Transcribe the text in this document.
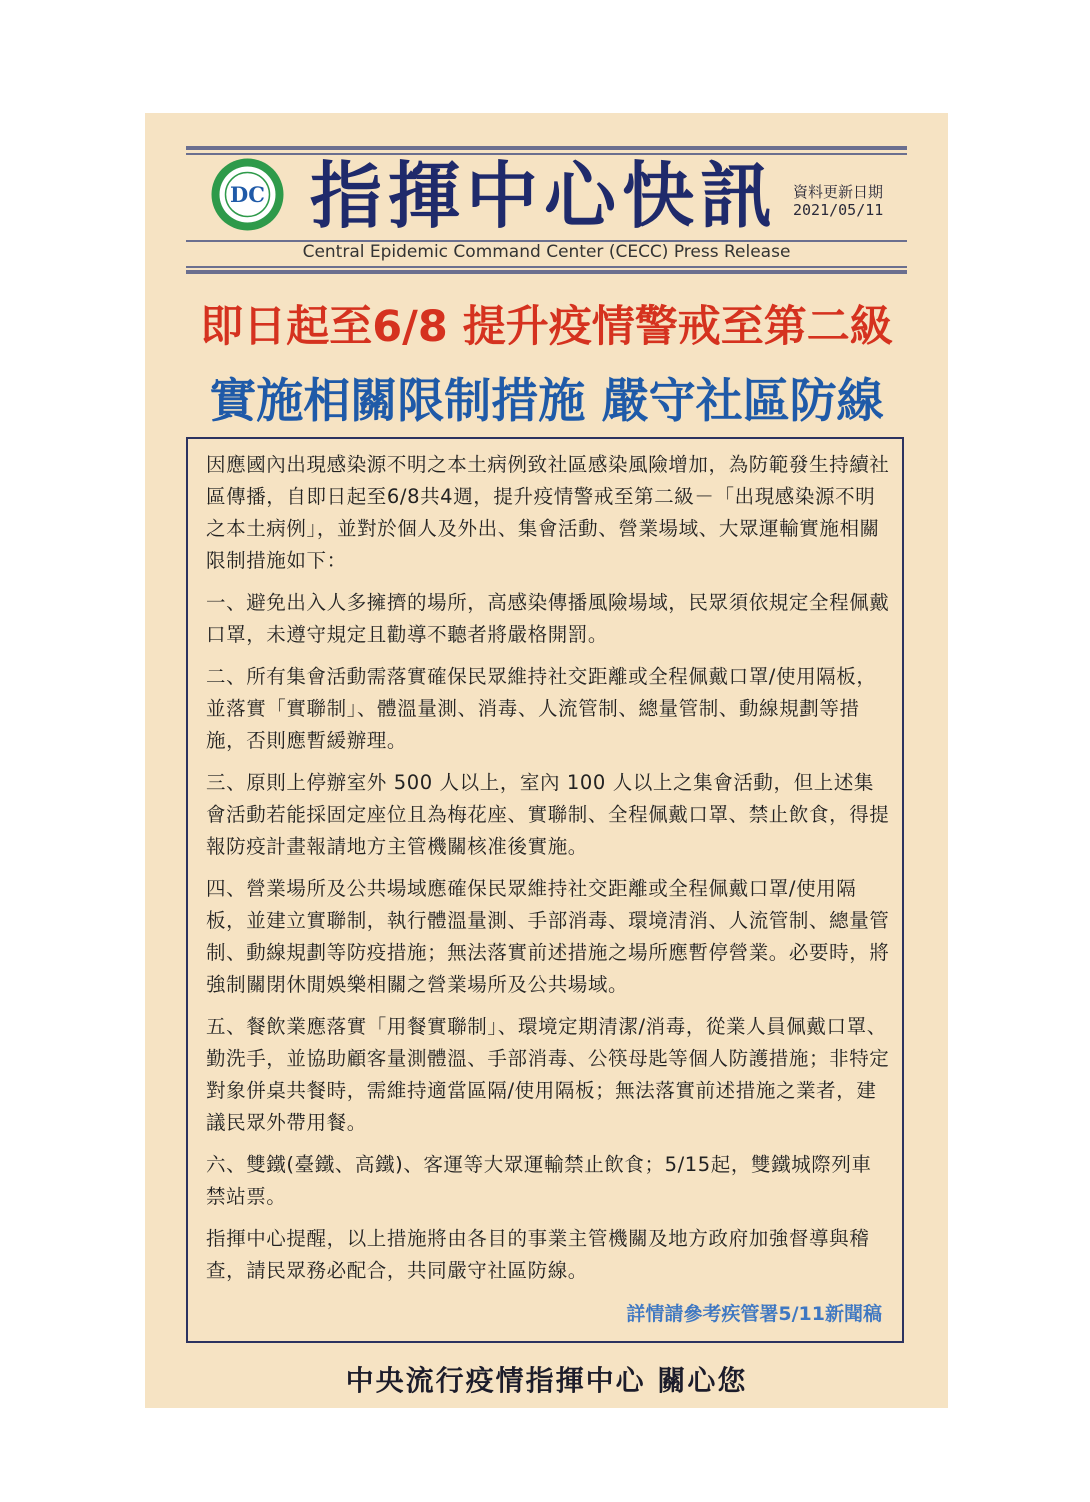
DC 指揮中心快訊 資料更新日期
2021/05/11
Central Epidemic Command Center (CECC) Press Release
即日起至6/8 提升疫情警戒至第二級
實施相關限制措施 嚴守社區防線
因應國內出現感染源不明之本土病例致社區感染風險增加，為防範發生持續社區傳播，自即日起至6/8共4週，提升疫情警戒至第二級－「出現感染源不明之本土病例」，並對於個人及外出、集會活動、營業場域、大眾運輸實施相關限制措施如下：
一、避免出入人多擁擠的場所，高感染傳播風險場域，民眾須依規定全程佩戴口罩，未遵守規定且勸導不聽者將嚴格開罰。
二、所有集會活動需落實確保民眾維持社交距離或全程佩戴口罩/使用隔板，並落實「實聯制」、體溫量測、消毒、人流管制、總量管制、動線規劃等措施，否則應暫緩辦理。
三、原則上停辦室外 500 人以上，室內 100 人以上之集會活動，但上述集會活動若能採固定座位且為梅花座、實聯制、全程佩戴口罩、禁止飲食，得提報防疫計畫報請地方主管機關核准後實施。
四、營業場所及公共場域應確保民眾維持社交距離或全程佩戴口罩/使用隔板，並建立實聯制，執行體溫量測、手部消毒、環境清消、人流管制、總量管制、動線規劃等防疫措施；無法落實前述措施之場所應暫停營業。必要時，將強制關閉休閒娛樂相關之營業場所及公共場域。
五、餐飲業應落實「用餐實聯制」、環境定期清潔/消毒，從業人員佩戴口罩、勤洗手，並協助顧客量測體溫、手部消毒、公筷母匙等個人防護措施；非特定對象併桌共餐時，需維持適當區隔/使用隔板；無法落實前述措施之業者，建議民眾外帶用餐。
六、雙鐵(臺鐵、高鐵)、客運等大眾運輸禁止飲食；5/15起，雙鐵城際列車禁站票。
指揮中心提醒，以上措施將由各目的事業主管機關及地方政府加強督導與稽查，請民眾務必配合，共同嚴守社區防線。
詳情請參考疾管署5/11新聞稿
中央流行疫情指揮中心 關心您
